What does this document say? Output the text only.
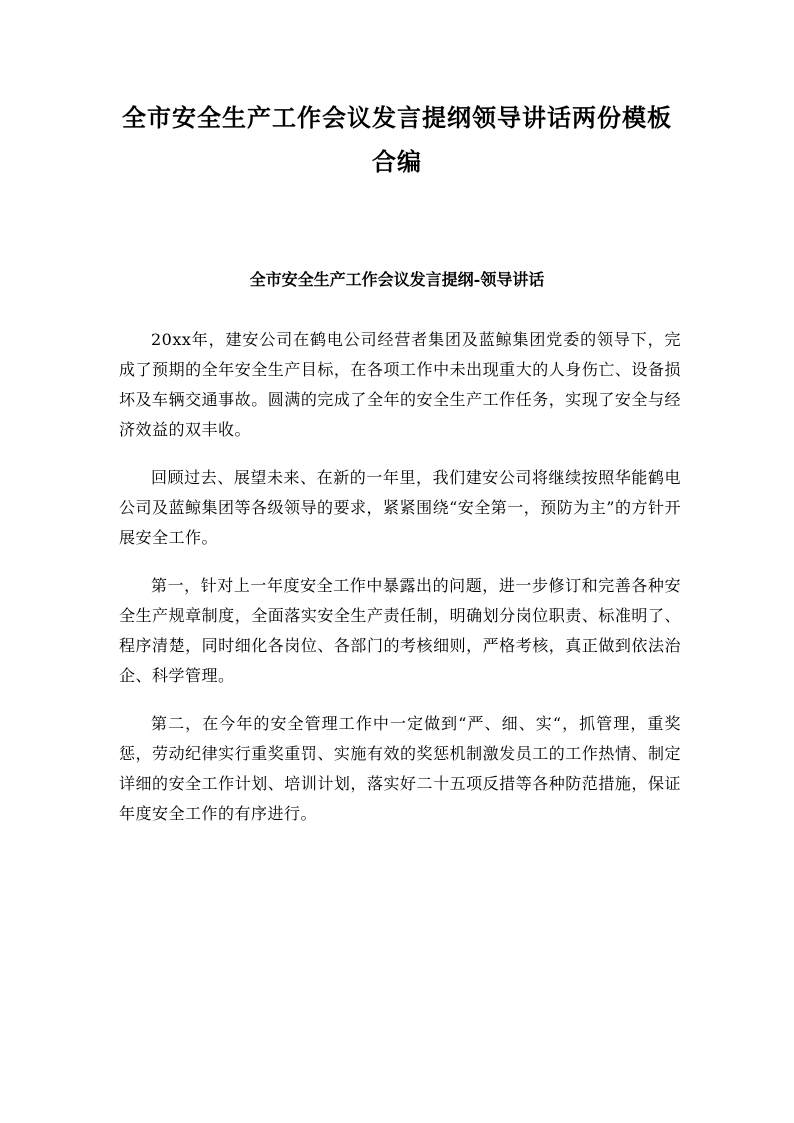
全市安全生产工作会议发言提纲领导讲话两份模板
合编
全市安全生产工作会议发言提纲-领导讲话

20xx年，建安公司在鹤电公司经营者集团及蓝鲸集团党委的领导下，完成了预期的全年安全生产目标，在各项工作中未出现重大的人身伤亡、设备损坏及车辆交通事故。圆满的完成了全年的安全生产工作任务，实现了安全与经济效益的双丰收。

回顾过去、展望未来、在新的一年里，我们建安公司将继续按照华能鹤电公司及蓝鲸集团等各级领导的要求，紧紧围绕“安全第一，预防为主”的方针开展安全工作。

第一，针对上一年度安全工作中暴露出的问题，进一步修订和完善各种安全生产规章制度，全面落实安全生产责任制，明确划分岗位职责、标准明了、程序清楚，同时细化各岗位、各部门的考核细则，严格考核，真正做到依法治企、科学管理。

第二，在今年的安全管理工作中一定做到“严、细、实“，抓管理，重奖惩，劳动纪律实行重奖重罚、实施有效的奖惩机制激发员工的工作热情、制定详细的安全工作计划、培训计划，落实好二十五项反措等各种防范措施，保证年度安全工作的有序进行。
